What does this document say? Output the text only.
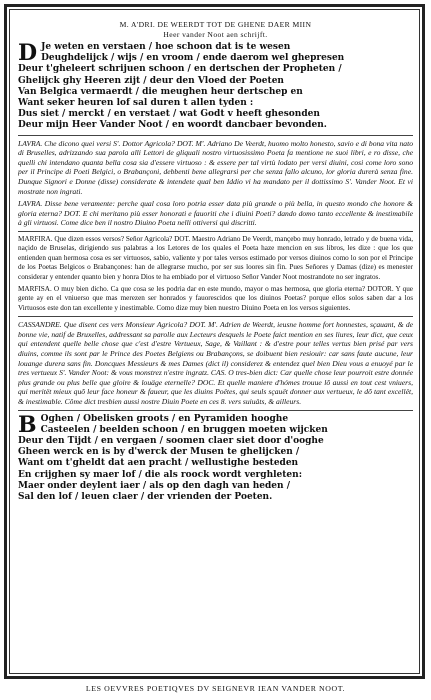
M. A'DRI. DE WEERDT TOT DE GHENE DAER MIIN

Heer vander Noot aen schrijft.

D Je weten en verstaen / hoe schoon dat is te wesen

Deughdelijck / wijs / en vroom / ende daerom wel ghepresen

Deur t'gheleert schrijuen schoon / en dertschen der Propheten /

Ghelijck ghy Heeren zijt / deur den Vloed der Poeten

Van Belgica vermaerdt / die meughen heur dertschep en

Want seker heuren lof sal duren t allen tyden :

Dus siet / merckt / en verstaet / wat Godt v heeft ghesonden

Deur mijn Heer Vander Noot / en woordt dancbaer bevonden.

LAVRA. Che dicono quei versi S'. Dottor Agricola? DOT. M'. Adriano De Veerdt, huomo molto honesto, savio e di bona vita nato di Bruselles, adrizzando sua parola alli Lettori de gliquali nostro virtuosissimo Poeta fa mentione ne suoi libri, e ro disse, che quelli chi intendano quanta bella cosa sia d'essere virtuoso : & essere per tal virtù lodato per versi diuini, cosi come loro sono per il Principe di Poeti Belgici, o Brabançoni, debbenti bene allegrarsi per che senza fallo alcuno, lor gloria durerà senza fine. Dunque Signori e Donne (disse) considerate & intendete qual ben Iddio vi ha mandato per il dottissimo S'. Vander Noot. Et vi mostrate non ingrati.

LAVRA. Disse bene veramente: perche qual cosa loro potria esser data più grande o più bella, in questo mondo che honore & gloria eterna? DOT. E chi meritano più esser honorati e fauoriti che i diuini Poeti? dando domo tanto eccellente & inestimabile à gli virtuosi. Come dice ben il nostro Diuino Poeta nelli ottiversi qui discritti.

MARFIRA. Que dizen essos versos? Señor Agricola? DOT. Maestro Adriano De Veerdt, mançebo muy honrado, letrado y de buena vida, naçido de Bruselas, dirigiendo sus palabras a los Letores de los quales el Poeta haze mencion en sus libros, les dize : que los que entienden quan hermosa cosa es ser virtuosos, sabio, valiente y por tales versos estimado por versos diuinos como lo son por el Principe de los Poetas Belgicos o Brabançones: han de allegrarse mucho, por ser sus loores sin fin. Pues Señores y Damas (dize) es menester considerar y entender quanto bien y honra Dios te ha embiado por el virtuoso Señor Vander Noot mostrandote no ser ingratos.

MARFISA. O muy bien dicho. Ca que cosa se les podria dar en este mundo, mayor o mas hermosa, que gloria eterna? DOTOR. Y que gente ay en el vniuerso que mas merezen ser honrados y fauorescidos que los diuinos Poetas? porque ellos solos saben dar a los Virtuosos este don tan excellente y inestimable. Como dize muy bien nuestro Diuino Poeta en los versos siguientes.

CASSANDRE. Que disent ces vers Monsieur Agricola? DOT. M'. Adrien de Weerdt, ieusne homme fort honnestes, sçauant, & de bonne vie, natif de Bruxelles, addressant sa parolle aux Lecteurs desquels le Poete faict mention en ses liures, leur dict, que ceux qui entendent quelle belle chose que c'est d'estre Vertueux, Sage, & Vaillant : & d'estre pour telles vertus bien prisé par vers diuins, comme ils sont par le Prince des Poetes Belgiens ou Brabançons, se doibuent bien resiouir: car sans faute aucune, leur louange durera sans fin. Doncques Messieurs & mes Dames (dict il) considerez & entendez quel bien Dieu vous a enuoyé par le tres vertueux S'. Vander Noot: & vous monstrez n'estre ingratz. CAS. O tres-bien dict: Car quelle chose leur pourroit estre donnée plus grande ou plus belle que gloire & louäge eternelle? DOC. Et quelle maniere d'hómes trouue lõ aussi en tout cest vniuers, qui meritët mieux quõ leur face honeur & faueur, que les diuins Poëtes, qui seuls sçauët donner aux vertueux, le dõ tant excellët, & inestimable. Côme dict tresbien aussi nostre Diuin Poete en ces 8. vers suiuäts, & ailleurs.

B Oghen / Obelisken groots / en Pyramiden hooghe

Casteelen / beelden schoon / en bruggen moeten wijcken

Deur den Tijdt / en vergaen / soomen claer siet door d'ooghe

Gheen werck en is by d'werck der Musen te ghelijcken /

Want om t'gheldt dat aen pracht / wellustighe besteden

En crijghen sy maer lof / die als roock wordt verghleten:

Maer onder deylent iaer / als op den dagh van heden /

Sal den lof / leuen claer / der vrienden der Poeten.

LES OEVVRES POETIQVES DV SEIGNEVR IEAN VANDER NOOT.
